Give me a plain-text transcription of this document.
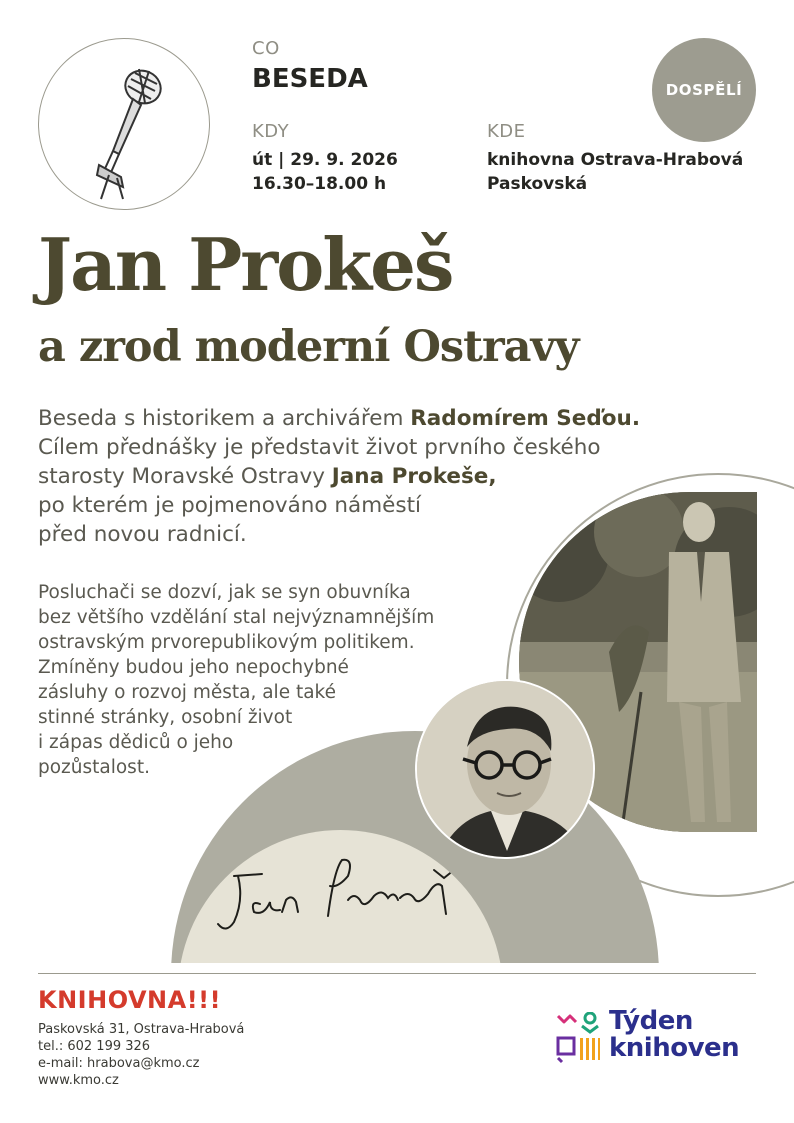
CO
BESEDA
KDY
út | 29. 9. 2026
16.30–18.00 h
KDE
knihovna Ostrava-Hrabová
Paskovská
DOSPĚLÍ
Jan Prokeš
a zrod moderní Ostravy
Beseda s historikem a archivářem Radomírem Seďou.
Cílem přednášky je představit život prvního českého
starosty Moravské Ostravy Jana Prokeše,
po kterém je pojmenováno náměstí
před novou radnicí.
Posluchači se dozví, jak se syn obuvníka
bez většího vzdělání stal nejvýznamnějším
ostravským prvorepublikovým politikem.
Zmíněny budou jeho nepochybné
zásluhy o rozvoj města, ale také
stinné stránky, osobní život
i zápas dědiců o jeho
pozůstalost.
KNIHOVNA!!!
Paskovská 31, Ostrava-Hrabová
tel.: 602 199 326
e-mail: hrabova@kmo.cz
www.kmo.cz
Týden
knihoven
